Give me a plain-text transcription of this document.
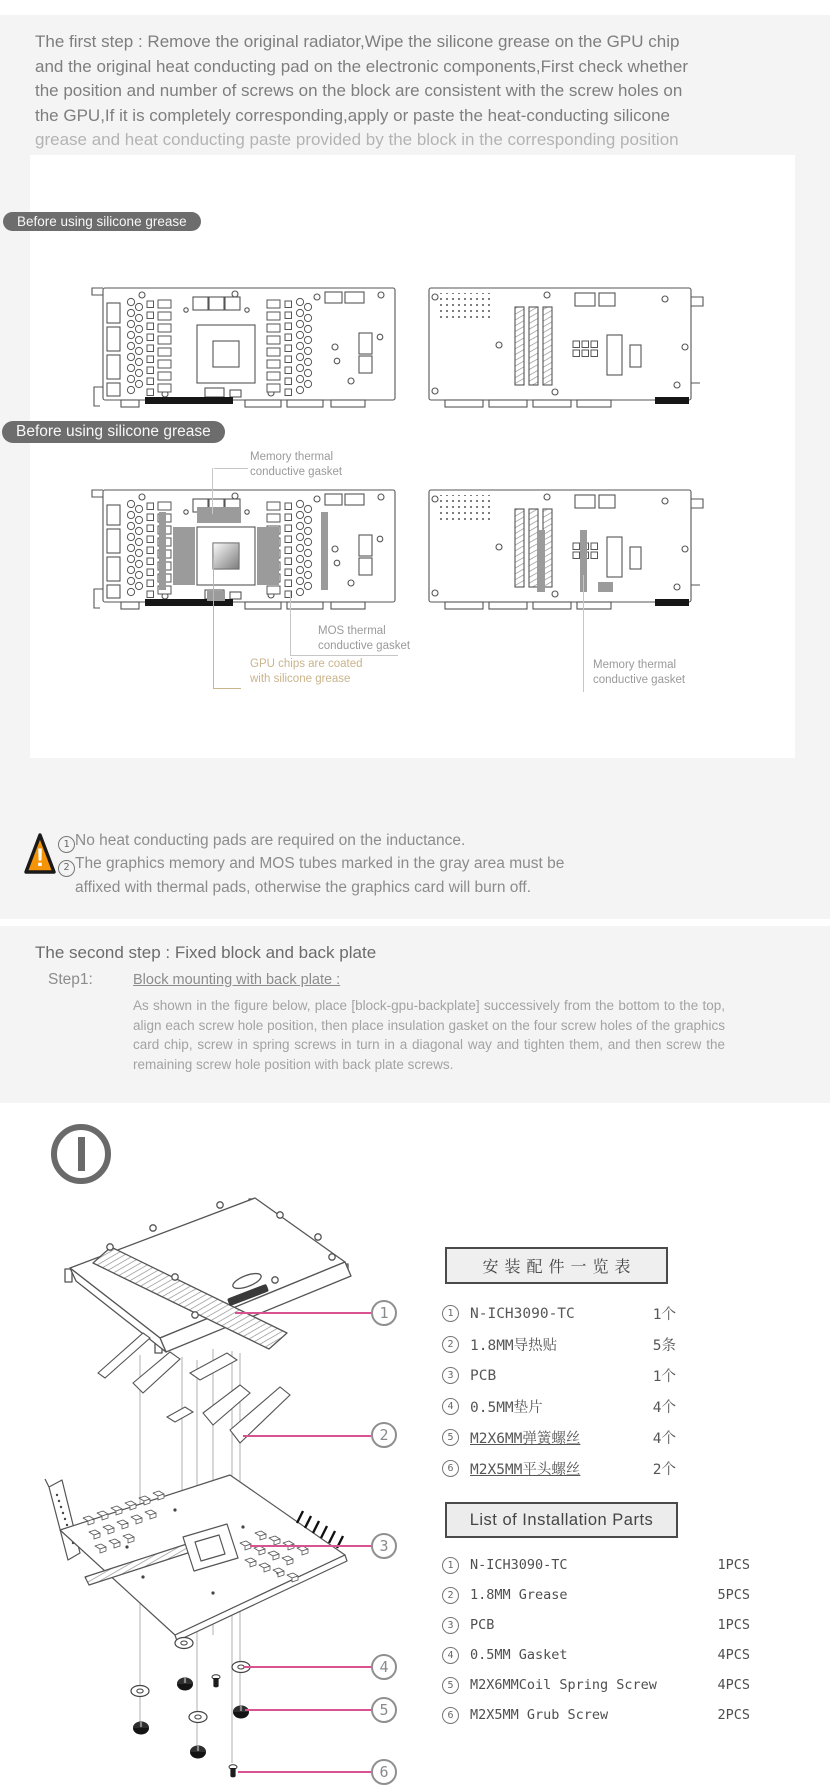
The first step : Remove the original radiator,Wipe the silicone grease on the GPU chip
and the original heat conducting pad on the electronic components,First check whether
the position and number of screws on the block are consistent with the screw holes on
the GPU,If it is completely corresponding,apply or paste the heat-conducting silicone
grease and heat conducting paste provided by the block in the corresponding position
Before using silicone grease
Before using silicone grease
Memory thermal
conductive gasket
MOS thermal
conductive gasket
GPU chips are coated
with silicone grease
Memory thermal
conductive gasket
!	1 No heat conducting pads are required on the inductance.
2 The graphics memory and MOS tubes marked in the gray area must be
affixed with thermal pads, otherwise the graphics card will burn off.
The second step : Fixed block and back plate
Step1:	Block mounting with back plate :
As shown in the figure below, place [block-gpu-backplate] successively from the bottom to the top, align each screw hole position, then place insulation gasket on the four screw holes of the graphics card chip, screw in spring screws in turn in a diagonal way and tighten them, and then screw the remaining screw hole position with back plate screws.
1
2
3
4
5
6
安装配件一览表
1	N-ICH3090-TC	1个
2	1.8MM导热贴	5条
3	PCB	1个
4	0.5MM垫片	4个
5	M2X6MM弹簧螺丝	4个
6	M2X5MM平头螺丝	2个
List of Installation Parts
1	N-ICH3090-TC	1PCS
2	1.8MM Grease	5PCS
3	PCB	1PCS
4	0.5MM Gasket	4PCS
5	M2X6MMCoil Spring Screw	4PCS
6	M2X5MM Grub Screw	2PCS
